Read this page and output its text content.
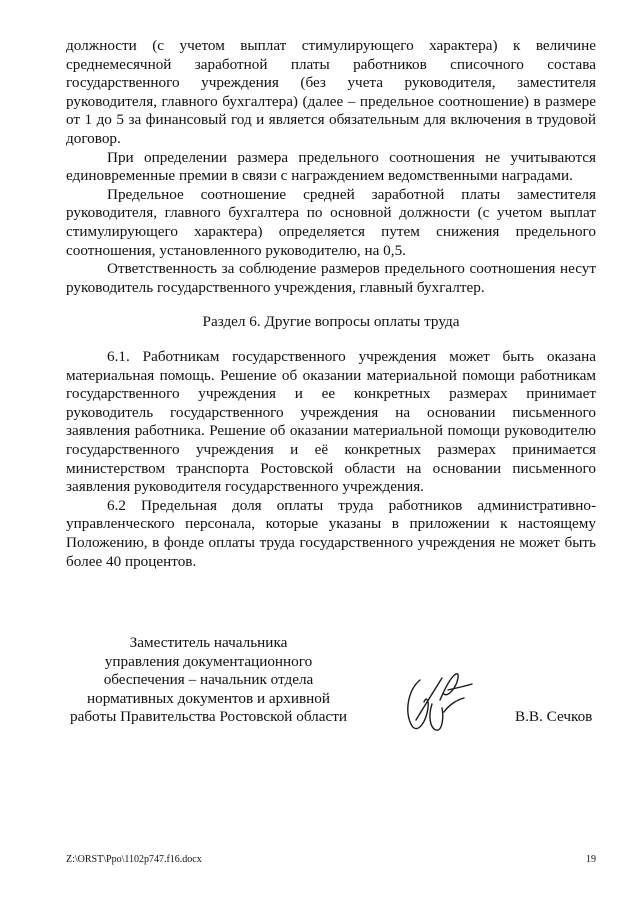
должности (с учетом выплат стимулирующего характера) к величине среднемесячной заработной платы работников списочного состава государственного учреждения (без учета руководителя, заместителя руководителя, главного бухгалтера) (далее – предельное соотношение) в размере от 1 до 5 за финансовый год и является обязательным для включения в трудовой договор.

При определении размера предельного соотношения не учитываются единовременные премии в связи с награждением ведомственными наградами.

Предельное соотношение средней заработной платы заместителя руководителя, главного бухгалтера по основной должности (с учетом выплат стимулирующего характера) определяется путем снижения предельного соотношения, установленного руководителю, на 0,5.

Ответственность за соблюдение размеров предельного соотношения несут руководитель государственного учреждения, главный бухгалтер.

Раздел 6. Другие вопросы оплаты труда

6.1. Работникам государственного учреждения может быть оказана материальная помощь. Решение об оказании материальной помощи работникам государственного учреждения и ее конкретных размерах принимает руководитель государственного учреждения на основании письменного заявления работника. Решение об оказании материальной помощи руководителю государственного учреждения и её конкретных размерах принимается министерством транспорта Ростовской области на основании письменного заявления руководителя государственного учреждения.

6.2 Предельная доля оплаты труда работников административно-управленческого персонала, которые указаны в приложении к настоящему Положению, в фонде оплаты труда государственного учреждения не может быть более 40 процентов.

Заместитель начальника
управления документационного
обеспечения – начальник отдела
нормативных документов и архивной
работы Правительства Ростовской области	В.В. Сечков
Z:\ORST\Ppo\1102p747.f16.docx	19
